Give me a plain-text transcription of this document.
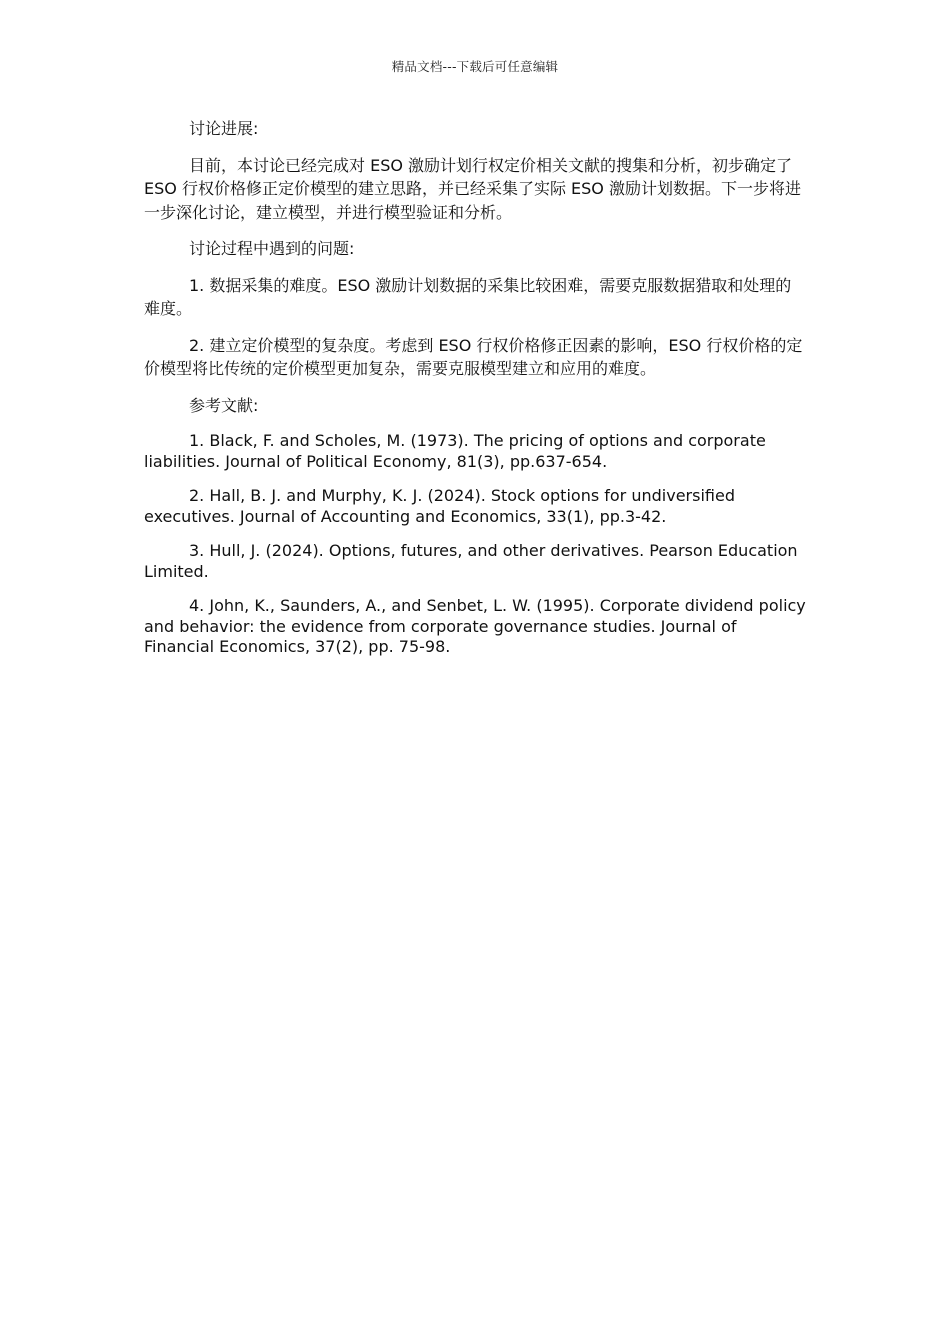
精品文档---下载后可任意编辑

讨论进展:

目前，本讨论已经完成对 ESO 激励计划行权定价相关文献的搜集和分析，初步确定了 ESO 行权价格修正定价模型的建立思路，并已经采集了实际 ESO 激励计划数据。下一步将进一步深化讨论，建立模型，并进行模型验证和分析。

讨论过程中遇到的问题:

1. 数据采集的难度。ESO 激励计划数据的采集比较困难，需要克服数据猎取和处理的难度。

2. 建立定价模型的复杂度。考虑到 ESO 行权价格修正因素的影响，ESO 行权价格的定价模型将比传统的定价模型更加复杂，需要克服模型建立和应用的难度。

参考文献:

1. Black, F. and Scholes, M. (1973). The pricing of options and corporate liabilities. Journal of Political Economy, 81(3), pp.637-654.

2. Hall, B. J. and Murphy, K. J. (2024). Stock options for undiversified executives. Journal of Accounting and Economics, 33(1), pp.3-42.

3. Hull, J. (2024). Options, futures, and other derivatives. Pearson Education Limited.

4. John, K., Saunders, A., and Senbet, L. W. (1995). Corporate dividend policy and behavior: the evidence from corporate governance studies. Journal of Financial Economics, 37(2), pp. 75-98.
